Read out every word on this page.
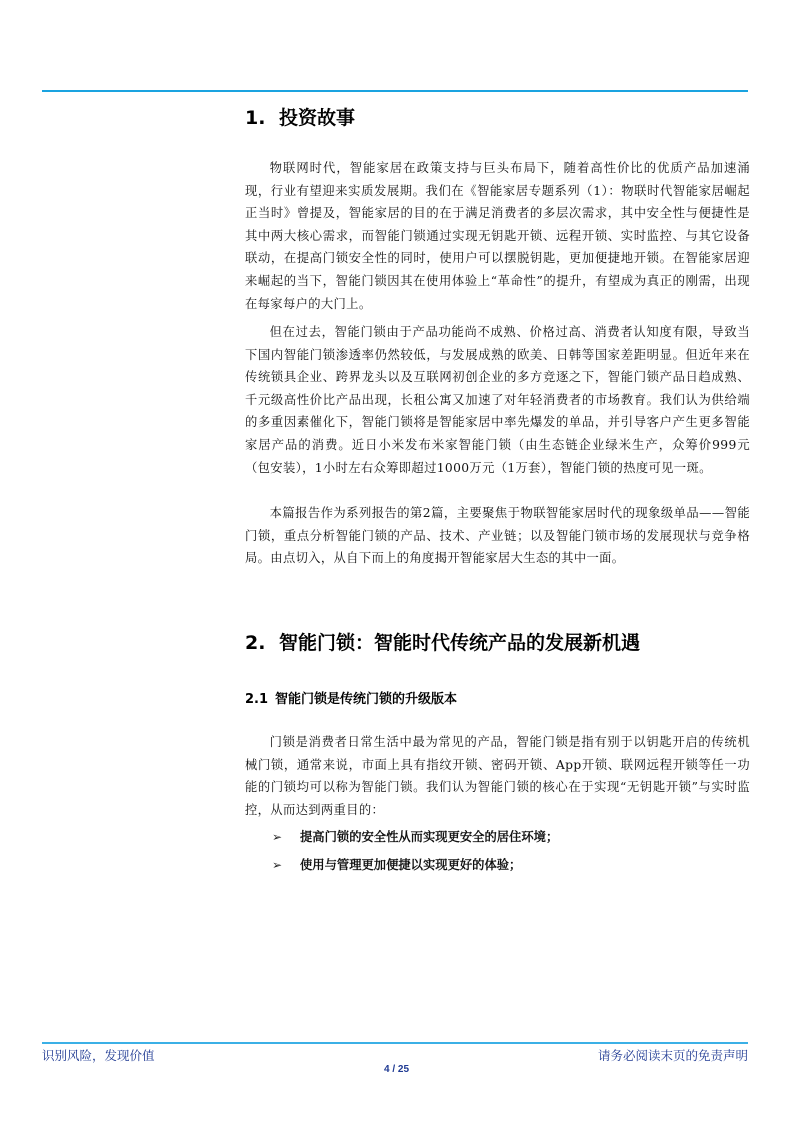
1. 投资故事

物联网时代，智能家居在政策支持与巨头布局下，随着高性价比的优质产品加速涌现，行业有望迎来实质发展期。我们在《智能家居专题系列（1）：物联时代智能家居崛起正当时》曾提及，智能家居的目的在于满足消费者的多层次需求，其中安全性与便捷性是其中两大核心需求，而智能门锁通过实现无钥匙开锁、远程开锁、实时监控、与其它设备联动，在提高门锁安全性的同时，使用户可以摆脱钥匙，更加便捷地开锁。在智能家居迎来崛起的当下，智能门锁因其在使用体验上“革命性”的提升，有望成为真正的刚需，出现在每家每户的大门上。

但在过去，智能门锁由于产品功能尚不成熟、价格过高、消费者认知度有限，导致当下国内智能门锁渗透率仍然较低，与发展成熟的欧美、日韩等国家差距明显。但近年来在传统锁具企业、跨界龙头以及互联网初创企业的多方竞逐之下，智能门锁产品日趋成熟、千元级高性价比产品出现，长租公寓又加速了对年轻消费者的市场教育。我们认为供给端的多重因素催化下，智能门锁将是智能家居中率先爆发的单品，并引导客户产生更多智能家居产品的消费。近日小米发布米家智能门锁（由生态链企业绿米生产，众筹价999元（包安装），1小时左右众筹即超过1000万元（1万套），智能门锁的热度可见一斑。

本篇报告作为系列报告的第2篇，主要聚焦于物联智能家居时代的现象级单品——智能门锁，重点分析智能门锁的产品、技术、产业链；以及智能门锁市场的发展现状与竞争格局。由点切入，从自下而上的角度揭开智能家居大生态的其中一面。

2. 智能门锁：智能时代传统产品的发展新机遇
2.1 智能门锁是传统门锁的升级版本

门锁是消费者日常生活中最为常见的产品，智能门锁是指有别于以钥匙开启的传统机械门锁，通常来说，市面上具有指纹开锁、密码开锁、App开锁、联网远程开锁等任一功能的门锁均可以称为智能门锁。我们认为智能门锁的核心在于实现“无钥匙开锁”与实时监控，从而达到两重目的：

➢ 提高门锁的安全性从而实现更安全的居住环境；
➢ 使用与管理更加便捷以实现更好的体验；
识别风险，发现价值	请务必阅读末页的免责声明
4 / 25
